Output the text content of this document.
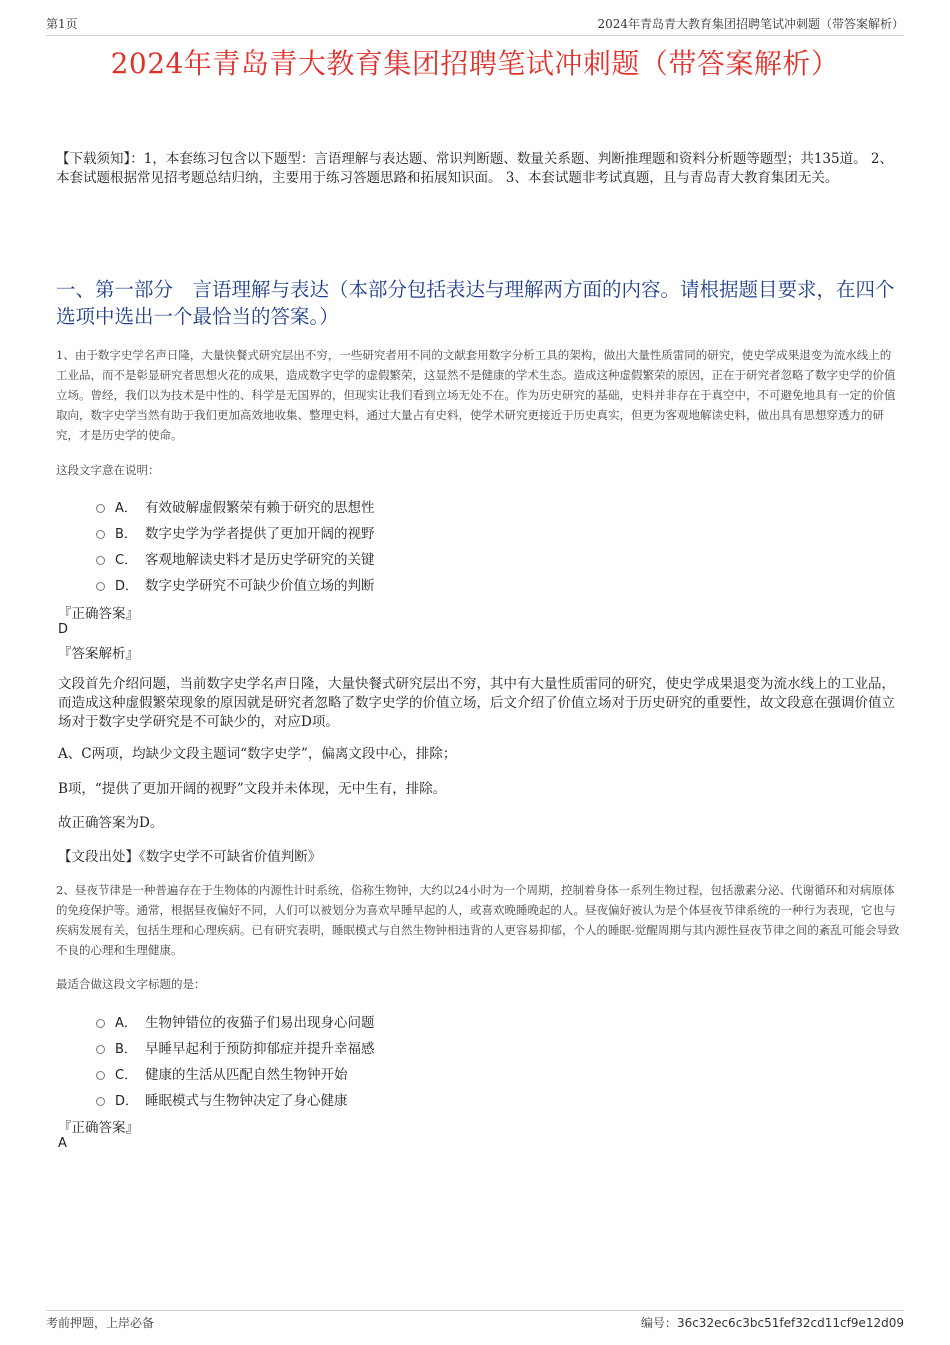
第1页	2024年青岛青大教育集团招聘笔试冲刺题（带答案解析）
2024年青岛青大教育集团招聘笔试冲刺题（带答案解析）
【下载须知】：1，本套练习包含以下题型：言语理解与表达题、常识判断题、数量关系题、判断推理题和资料分析题等题型；共135道。 2、本套试题根据常见招考题总结归纳，主要用于练习答题思路和拓展知识面。 3、本套试题非考试真题，且与青岛青大教育集团无关。
一、第一部分　言语理解与表达（本部分包括表达与理解两方面的内容。请根据题目要求，在四个选项中选出一个最恰当的答案。）

1、由于数字史学名声日隆，大量快餐式研究层出不穷，一些研究者用不同的文献套用数字分析工具的架构，做出大量性质雷同的研究，使史学成果退变为流水线上的工业品，而不是彰显研究者思想火花的成果，造成数字史学的虚假繁荣，这显然不是健康的学术生态。造成这种虚假繁荣的原因，正在于研究者忽略了数字史学的价值立场。曾经，我们以为技术是中性的、科学是无国界的，但现实让我们看到立场无处不在。作为历史研究的基础，史料并非存在于真空中，不可避免地具有一定的价值取向，数字史学当然有助于我们更加高效地收集、整理史料，通过大量占有史料，使学术研究更接近于历史真实，但更为客观地解读史料，做出具有思想穿透力的研究，才是历史学的使命。

这段文字意在说明：

A． 有效破解虚假繁荣有赖于研究的思想性
B． 数字史学为学者提供了更加开阔的视野
C． 客观地解读史料才是历史学研究的关键
D． 数字史学研究不可缺少价值立场的判断
『正确答案』
D
『答案解析』

文段首先介绍问题，当前数字史学名声日隆，大量快餐式研究层出不穷，其中有大量性质雷同的研究，使史学成果退变为流水线上的工业品，而造成这种虚假繁荣现象的原因就是研究者忽略了数字史学的价值立场，后文介绍了价值立场对于历史研究的重要性，故文段意在强调价值立场对于数字史学研究是不可缺少的，对应D项。

A、C两项，均缺少文段主题词“数字史学”，偏离文段中心，排除；

B项，“提供了更加开阔的视野”文段并未体现，无中生有，排除。

故正确答案为D。

【文段出处】《数字史学不可缺省价值判断》

2、昼夜节律是一种普遍存在于生物体的内源性计时系统，俗称生物钟，大约以24小时为一个周期，控制着身体一系列生物过程，包括激素分泌、代谢循环和对病原体的免疫保护等。通常，根据昼夜偏好不同，人们可以被划分为喜欢早睡早起的人，或喜欢晚睡晚起的人。昼夜偏好被认为是个体昼夜节律系统的一种行为表现，它也与疾病发展有关，包括生理和心理疾病。已有研究表明，睡眠模式与自然生物钟相违背的人更容易抑郁，个人的睡眠-觉醒周期与其内源性昼夜节律之间的紊乱可能会导致不良的心理和生理健康。

最适合做这段文字标题的是：

A． 生物钟错位的夜猫子们易出现身心问题
B． 早睡早起利于预防抑郁症并提升幸福感
C． 健康的生活从匹配自然生物钟开始
D． 睡眠模式与生物钟决定了身心健康
『正确答案』
A
考前押题，上岸必备	编号：36c32ec6c3bc51fef32cd11cf9e12d09
